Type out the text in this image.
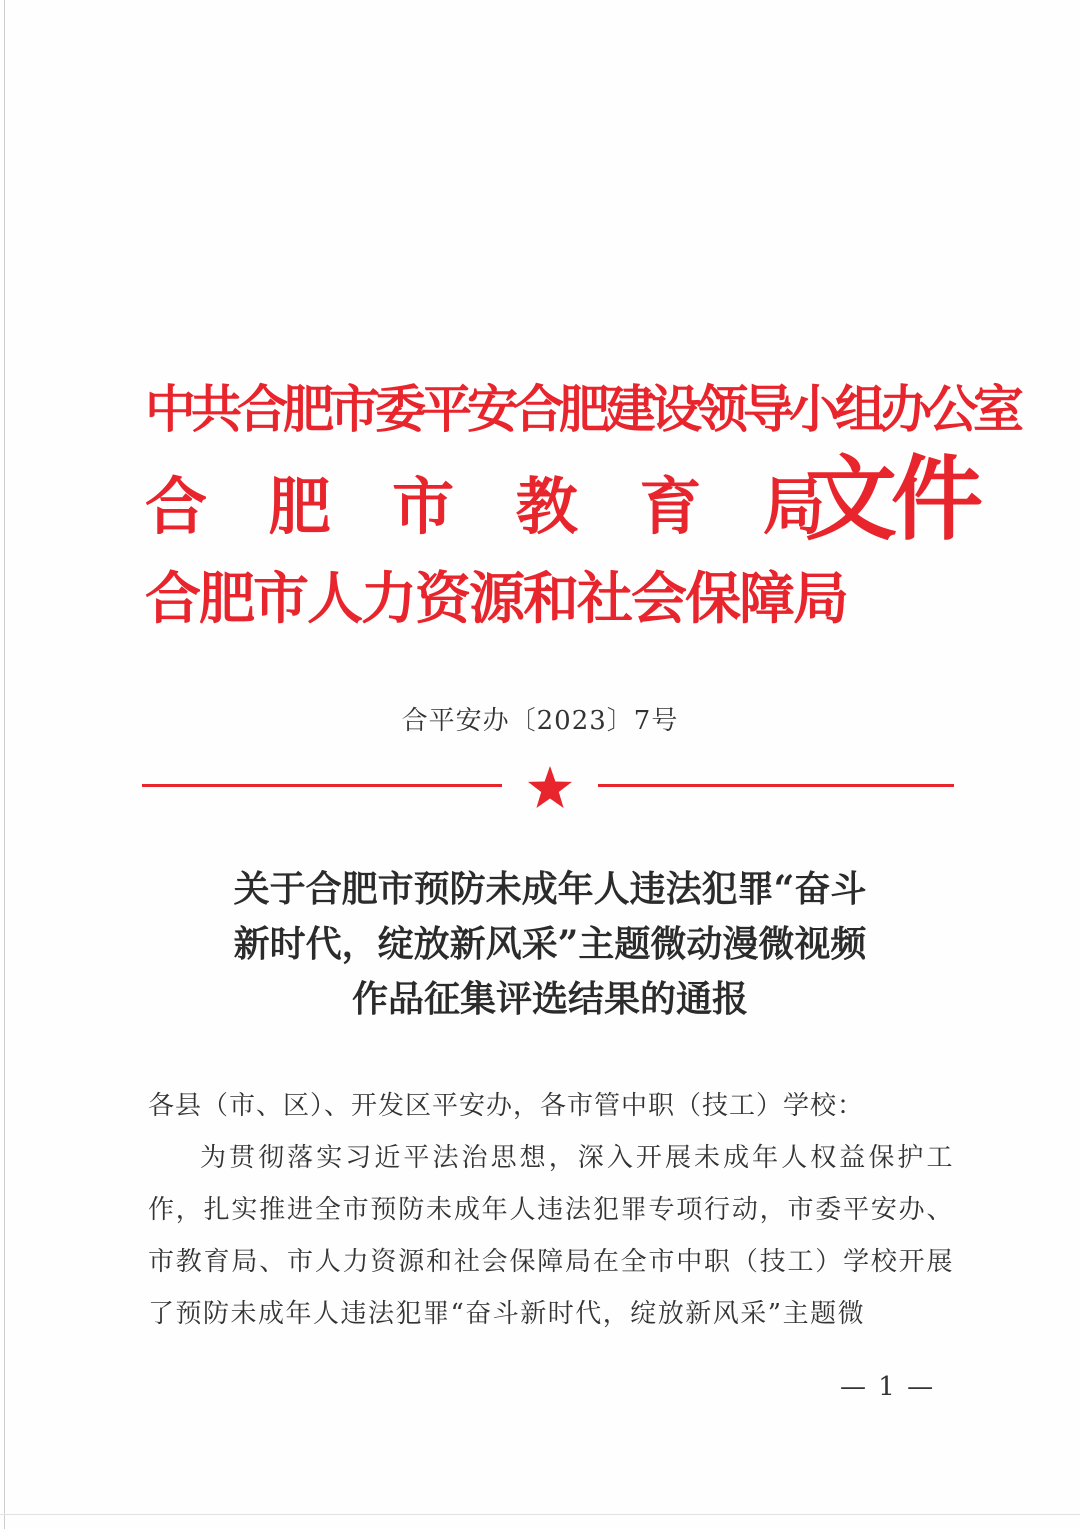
中共合肥市委平安合肥建设领导小组办公室
合 肥 市 教 育 局
合肥市人力资源和社会保障局
文件
合平安办〔2023〕7号
关于合肥市预防未成年人违法犯罪“奋斗
新时代，绽放新风采”主题微动漫微视频
作品征集评选结果的通报
各县（市、区）、开发区平安办，各市管中职（技工）学校：
为贯彻落实习近平法治思想，深入开展未成年人权益保护工作，扎实推进全市预防未成年人违法犯罪专项行动，市委平安办、市教育局、市人力资源和社会保障局在全市中职（技工）学校开展了预防未成年人违法犯罪“奋斗新时代，绽放新风采”主题微
— 1 —
